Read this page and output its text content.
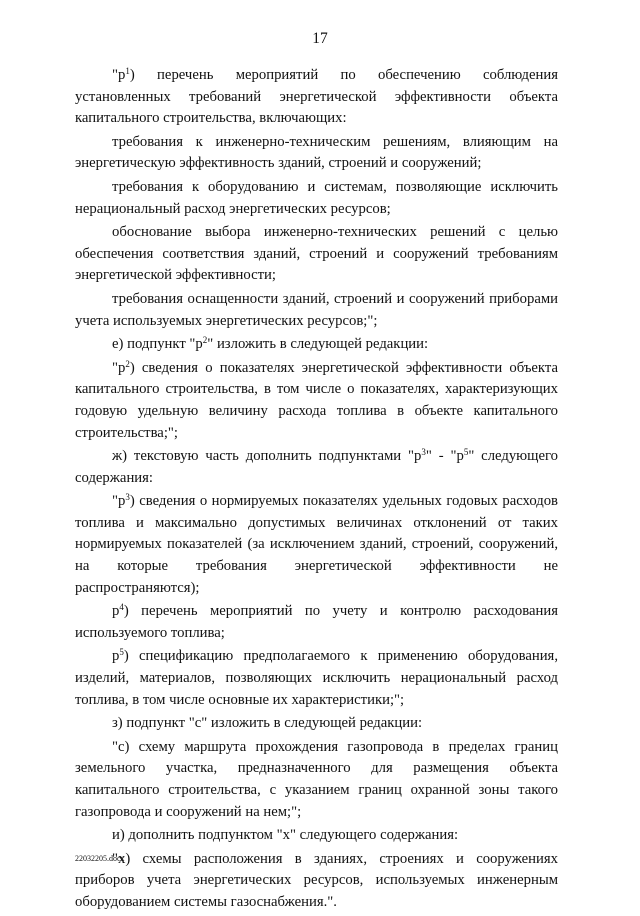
17

"$р^1$) перечень мероприятий по обеспечению соблюдения установленных требований энергетической эффективности объекта капитального строительства, включающих:

требования к инженерно-техническим решениям, влияющим на энергетическую эффективность зданий, строений и сооружений;

требования к оборудованию и системам, позволяющие исключить нерациональный расход энергетических ресурсов;

обоснование выбора инженерно-технических решений с целью обеспечения соответствия зданий, строений и сооружений требованиям энергетической эффективности;

требования оснащенности зданий, строений и сооружений приборами учета используемых энергетических ресурсов;";

е) подпункт "$р^2$" изложить в следующей редакции:

"$р^2$) сведения о показателях энергетической эффективности объекта капитального строительства, в том числе о показателях, характеризующих годовую удельную величину расхода топлива в объекте капитального строительства;";

ж) текстовую часть дополнить подпунктами "$р^3$" - "$р^5$" следующего содержания:

"$р^3$) сведения о нормируемых показателях удельных годовых расходов топлива и максимально допустимых величинах отклонений от таких нормируемых показателей (за исключением зданий, строений, сооружений, на которые требования энергетической эффективности не распространяются);

$р^4$) перечень мероприятий по учету и контролю расходования используемого топлива;

$р^5$) спецификацию предполагаемого к применению оборудования, изделий, материалов, позволяющих исключить нерациональный расход топлива, в том числе основные их характеристики;";

з) подпункт "с" изложить в следующей редакции:

"с) схему маршрута прохождения газопровода в пределах границ земельного участка, предназначенного для размещения объекта капитального строительства, с указанием границ охранной зоны такого газопровода и сооружений на нем;";

и) дополнить подпунктом "х" следующего содержания:

"х) схемы расположения в зданиях, строениях и сооружениях приборов учета энергетических ресурсов, используемых инженерным оборудованием системы газоснабжения.".

22032205.docx
